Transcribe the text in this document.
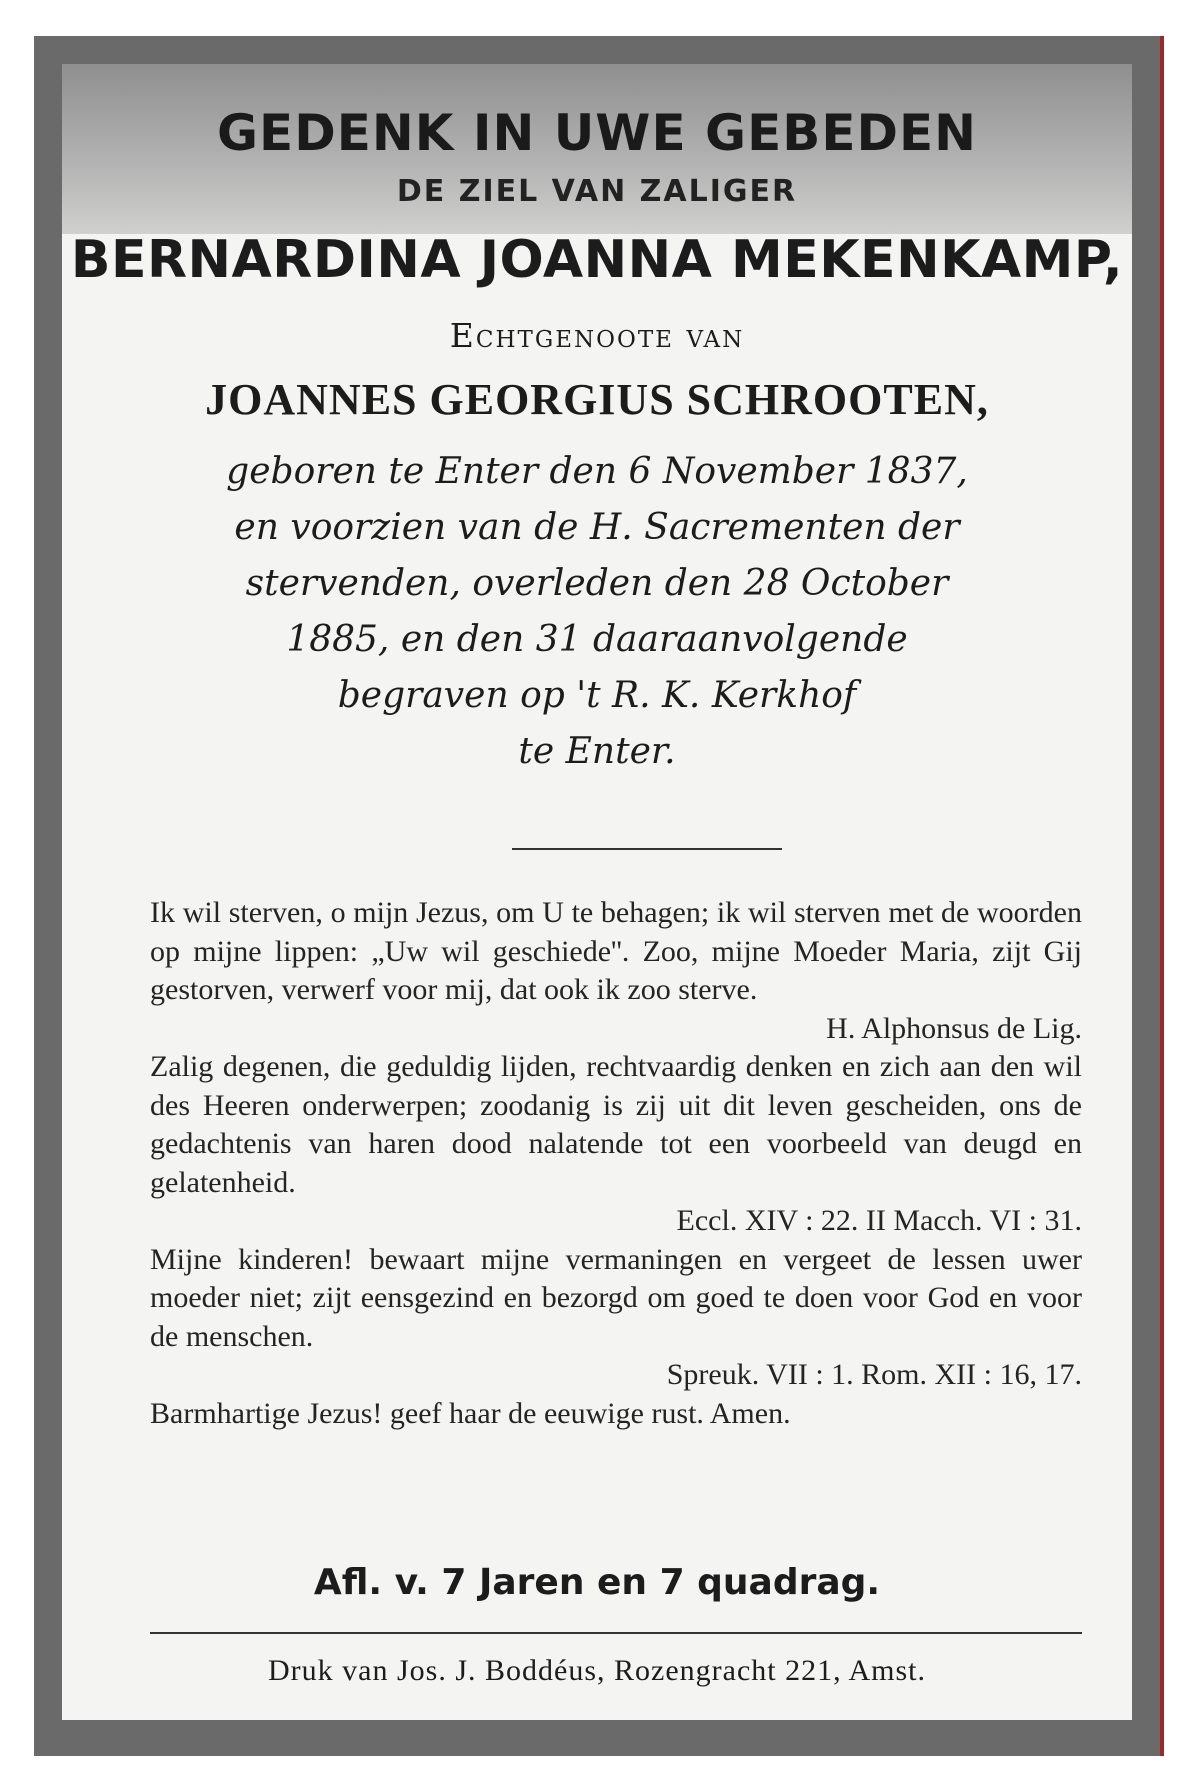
GEDENK IN UWE GEBEDEN
DE ZIEL VAN ZALIGER
BERNARDINA JOANNA MEKENKAMP,
Echtgenoote van
JOANNES GEORGIUS SCHROOTEN,

geboren te Enter den 6 November 1837,

en voorzien van de H. Sacrementen der

stervenden, overleden den 28 October

1885, en den 31 daaraanvolgende

begraven op 't R. K. Kerkhof

te Enter.

Ik wil sterven, o mijn Jezus, om U te behagen; ik wil sterven met de woorden op mijne lippen: „Uw wil geschiede''. Zoo, mijne Moeder Maria, zijt Gij gestorven, verwerf voor mij, dat ook ik zoo sterve.

H. Alphonsus de Lig.

Zalig degenen, die geduldig lijden, rechtvaardig denken en zich aan den wil des Heeren onderwerpen; zoodanig is zij uit dit leven gescheiden, ons de gedachtenis van haren dood nalatende tot een voorbeeld van deugd en gelatenheid.

Eccl. XIV : 22. II Macch. VI : 31.

Mijne kinderen! bewaart mijne vermaningen en vergeet de lessen uwer moeder niet; zijt eensgezind en bezorgd om goed te doen voor God en voor de menschen.

Spreuk. VII : 1. Rom. XII : 16, 17.

Barmhartige Jezus! geef haar de eeuwige rust. Amen.

Afl. v. 7 Jaren en 7 quadrag.
Druk van Jos. J. Boddéus, Rozengracht 221, Amst.
